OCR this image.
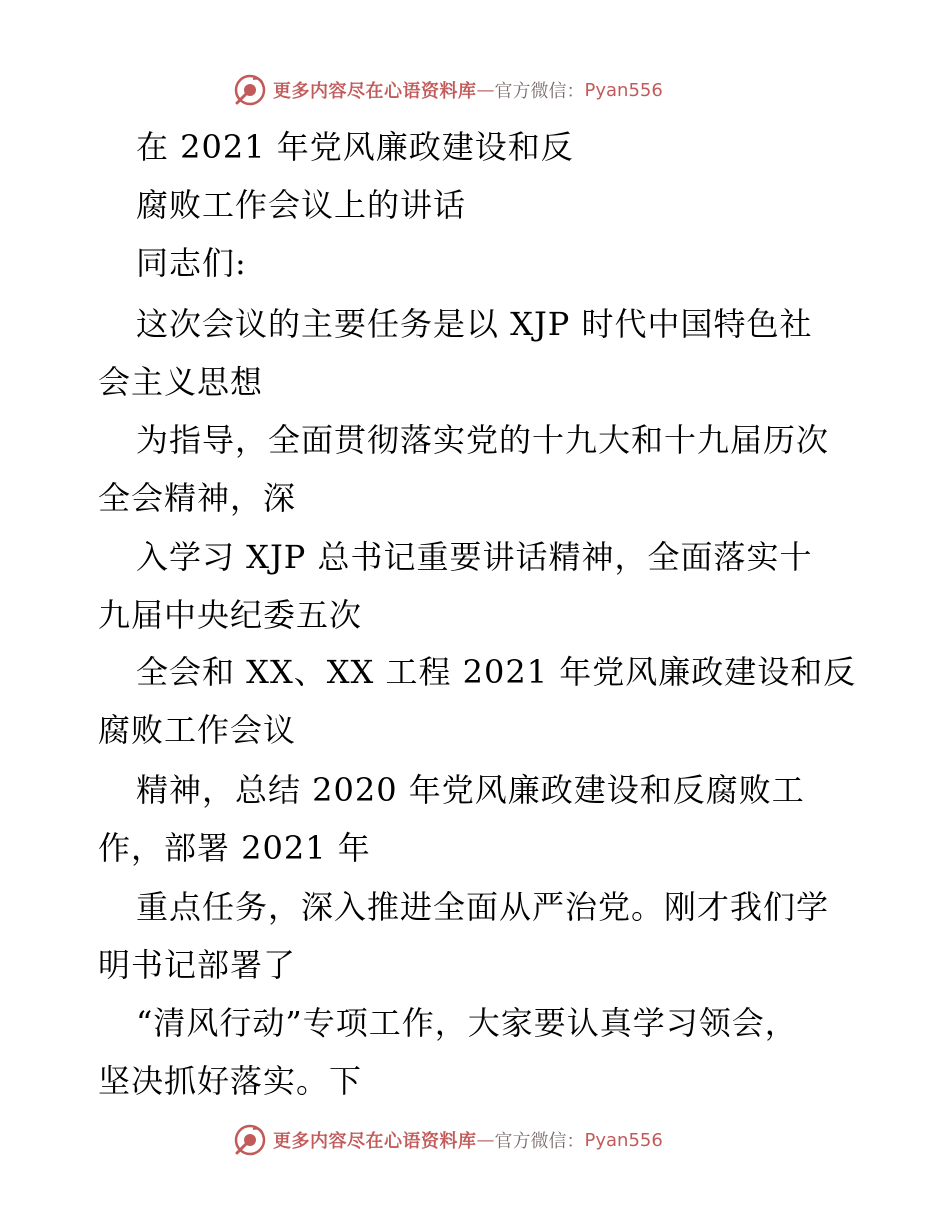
更多内容尽在心语资料库 — 官方微信： Pyan556
在 2021 年党风廉政建设和反
腐败工作会议上的讲话
同志们:
这次会议的主要任务是以 XJP 时代中国特色社
会主义思想
为指导，全面贯彻落实党的十九大和十九届历次
全会精神，深
入学习 XJP 总书记重要讲话精神，全面落实十
九届中央纪委五次
全会和 XX、XX 工程 2021 年党风廉政建设和反
腐败工作会议
精神，总结 2020 年党风廉政建设和反腐败工
作，部署 2021 年
重点任务，深入推进全面从严治党。刚才我们学
明书记部署了
“清风行动”专项工作，大家要认真学习领会，
坚决抓好落实。下
更多内容尽在心语资料库 — 官方微信： Pyan556
